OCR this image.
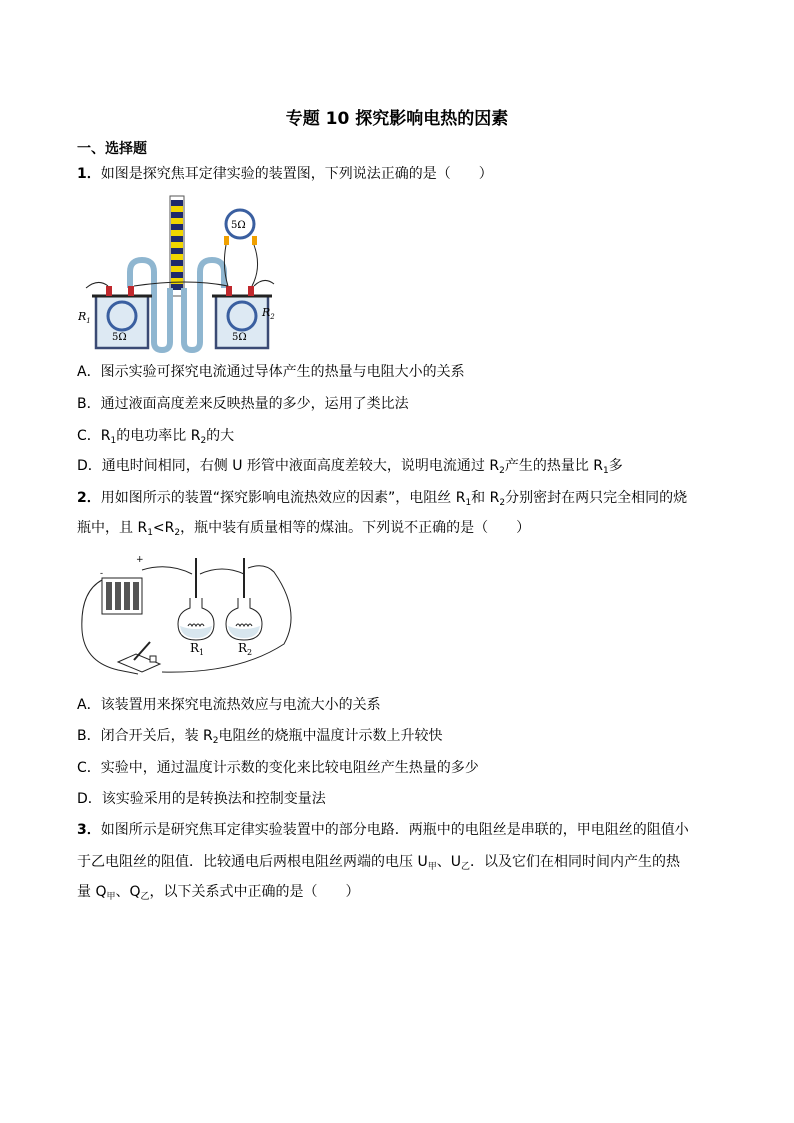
专题 10 探究影响电热的因素
一、选择题
1．如图是探究焦耳定律实验的装置图，下列说法正确的是（　　）
5Ω	5Ω
5Ω
$R_1$
$R_2$
A．图示实验可探究电流通过导体产生的热量与电阻大小的关系
B．通过液面高度差来反映热量的多少，运用了类比法
C．$R_1$的电功率比 $R_2$的大
D．通电时间相同，右侧 U 形管中液面高度差较大，说明电流通过 $R_2$产生的热量比 $R_1$多
2．用如图所示的装置“探究影响电流热效应的因素”，电阻丝 $R_1$和 $R_2$分别密封在两只完全相同的烧
瓶中，且 $R_1<R_2$，瓶中装有质量相等的煤油。下列说不正确的是（　　）
-
+
$R_1$	$R_2$
A．该装置用来探究电流热效应与电流大小的关系
B．闭合开关后，装 $R_2$电阻丝的烧瓶中温度计示数上升较快
C．实验中，通过温度计示数的变化来比较电阻丝产生热量的多少
D．该实验采用的是转换法和控制变量法
3．如图所示是研究焦耳定律实验装置中的部分电路．两瓶中的电阻丝是串联的，甲电阻丝的阻值小
于乙电阻丝的阻值．比较通电后两根电阻丝两端的电压 $U_甲$、$U_乙$．以及它们在相同时间内产生的热
量 $Q_甲$、$Q_乙$，以下关系式中正确的是（　　）
